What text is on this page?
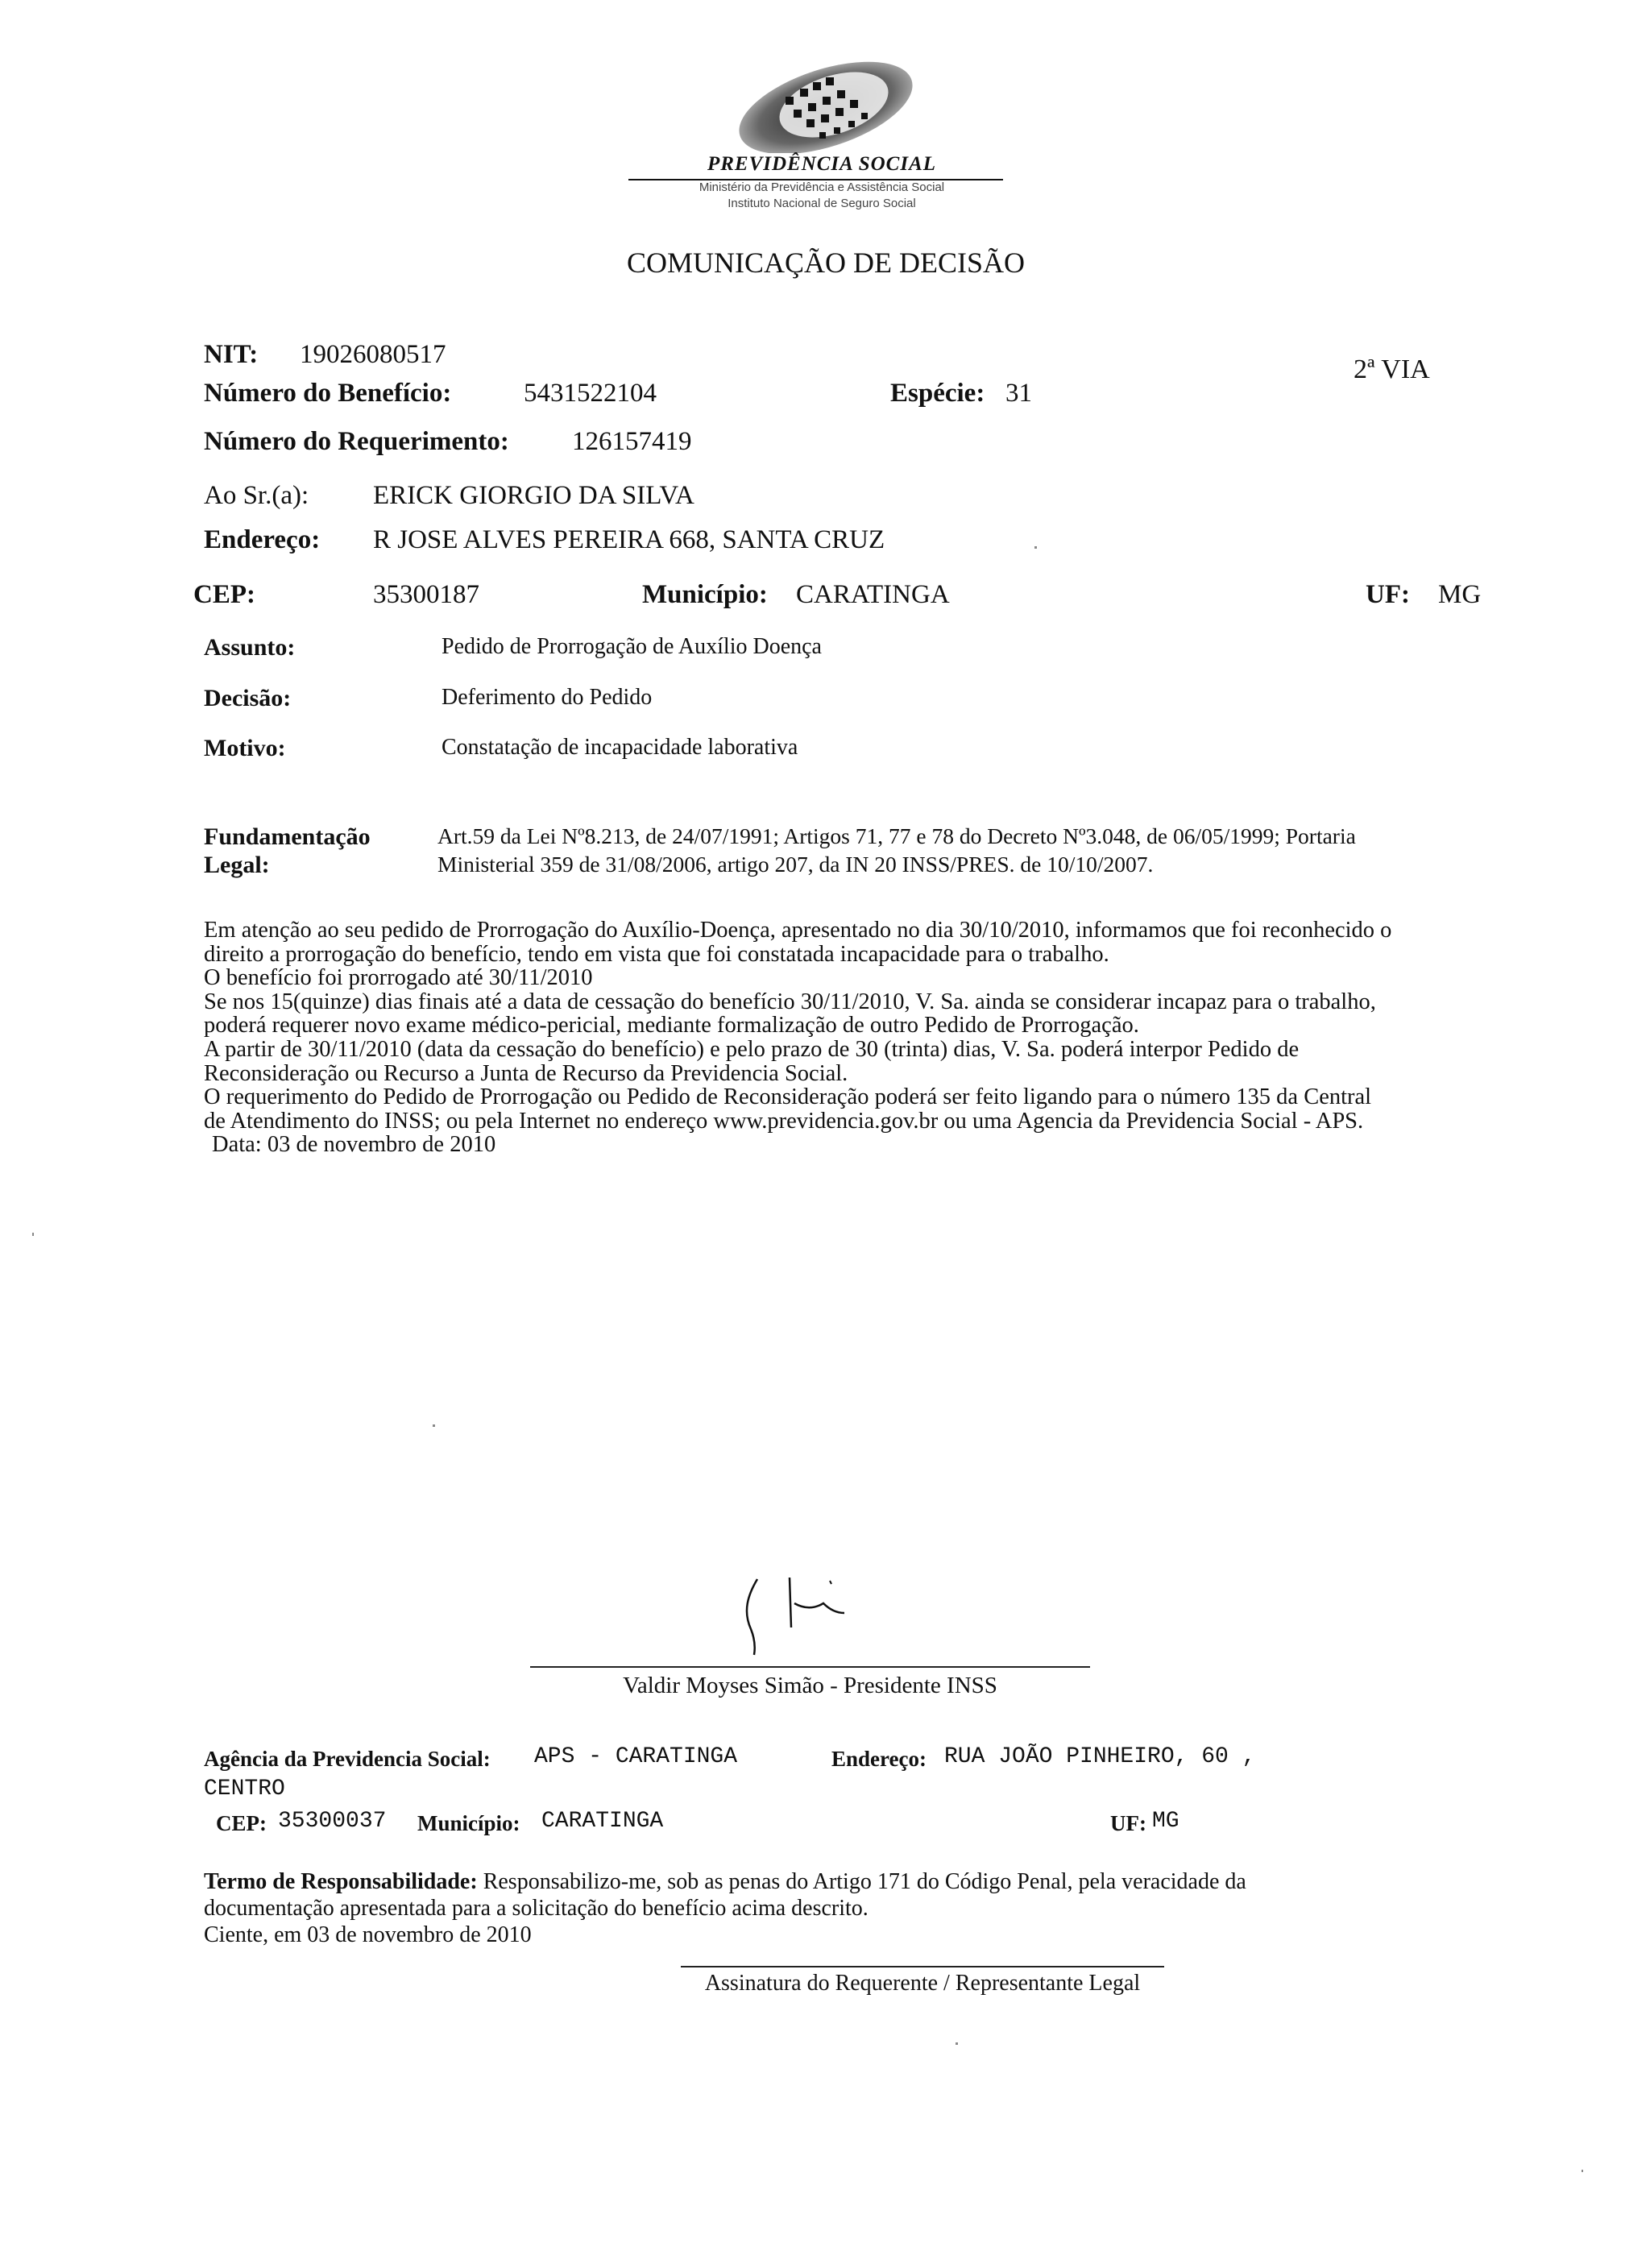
PREVIDÊNCIA SOCIAL
Ministério da Previdência e Assistência Social
Instituto Nacional de Seguro Social
COMUNICAÇÃO DE DECISÃO
2ª VIA
NIT: 19026080517
Número do Benefício:	5431522104	Espécie: 31
Número do Requerimento: 126157419
Ao Sr.(a): ERICK GIORGIO DA SILVA
Endereço: R JOSE ALVES PEREIRA 668, SANTA CRUZ
CEP:	35300187	Município: CARATINGA	UF: MG
Assunto:	Pedido de Prorrogação de Auxílio Doença
Decisão:	Deferimento do Pedido
Motivo:	Constatação de incapacidade laborativa
Fundamentação
Legal:
Art.59 da Lei Nº8.213, de 24/07/1991; Artigos 71, 77 e 78 do Decreto Nº3.048, de 06/05/1999; Portaria
Ministerial 359 de 31/08/2006, artigo 207, da IN 20 INSS/PRES. de 10/10/2007.
Em atenção ao seu pedido de Prorrogação do Auxílio-Doença, apresentado no dia 30/10/2010, informamos que foi reconhecido o
direito a prorrogação do benefício, tendo em vista que foi constatada incapacidade para o trabalho.
O benefício foi prorrogado até 30/11/2010
Se nos 15(quinze) dias finais até a data de cessação do benefício 30/11/2010, V. Sa. ainda se considerar incapaz para o trabalho,
poderá requerer novo exame médico-pericial, mediante formalização de outro Pedido de Prorrogação.
A partir de 30/11/2010 (data da cessação do benefício) e pelo prazo de 30 (trinta) dias, V. Sa. poderá interpor Pedido de
Reconsideração ou Recurso a Junta de Recurso da Previdencia Social.
O requerimento do Pedido de Prorrogação ou Pedido de Reconsideração poderá ser feito ligando para o número 135 da Central
de Atendimento do INSS; ou pela Internet no endereço www.previdencia.gov.br ou uma Agencia da Previdencia Social - APS.
Data: 03 de novembro de 2010
Valdir Moyses Simão - Presidente INSS
Agência da Previdencia Social: APS - CARATINGA	Endereço: RUA JOÃO PINHEIRO, 60 ,
CENTRO
CEP: 35300037 Município: CARATINGA	UF: MG
Termo de Responsabilidade: Responsabilizo-me, sob as penas do Artigo 171 do Código Penal, pela veracidade da
documentação apresentada para a solicitação do benefício acima descrito.
Ciente, em 03 de novembro de 2010
Assinatura do Requerente / Representante Legal
